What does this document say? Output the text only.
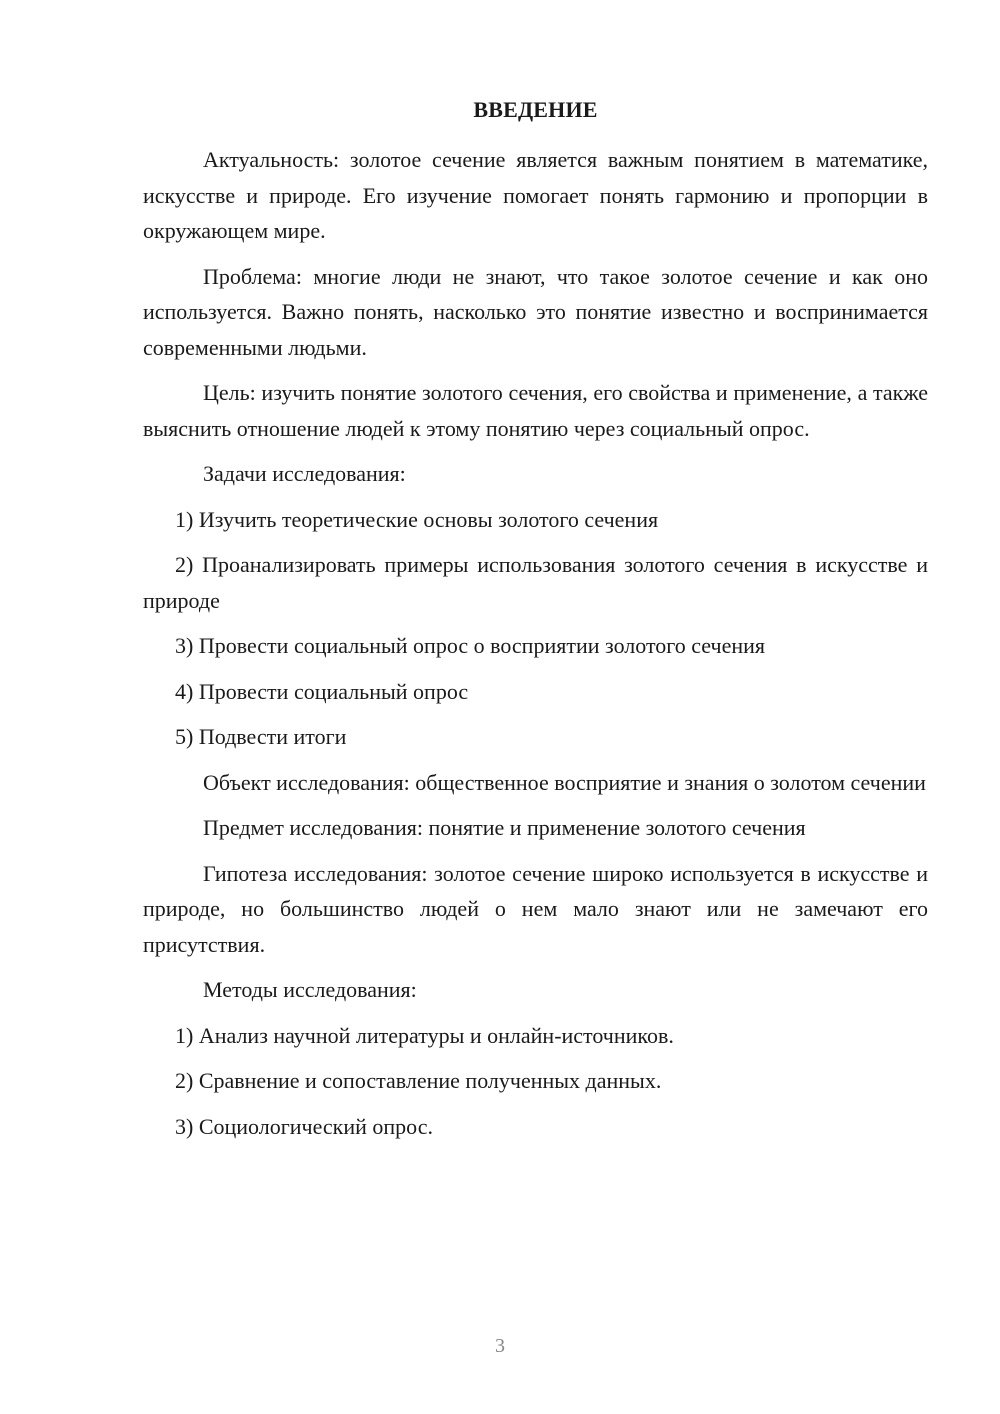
ВВЕДЕНИЕ

Актуальность: золотое сечение является важным понятием в математике, искусстве и природе. Его изучение помогает понять гармонию и пропорции в окружающем мире.

Проблема: многие люди не знают, что такое золотое сечение и как оно используется. Важно понять, насколько это понятие известно и воспринимается современными людьми.

Цель: изучить понятие золотого сечения, его свойства и применение, а также выяснить отношение людей к этому понятию через социальный опрос.

Задачи исследования:

1) Изучить теоретические основы золотого сечения

2) Проанализировать примеры использования золотого сечения в искусстве и природе

3) Провести социальный опрос о восприятии золотого сечения

4) Провести социальный опрос

5) Подвести итоги

Объект исследования: общественное восприятие и знания о золотом сечении

Предмет исследования: понятие и применение золотого сечения

Гипотеза исследования: золотое сечение широко используется в искусстве и природе, но большинство людей о нем мало знают или не замечают его присутствия.

Методы исследования:

1) Анализ научной литературы и онлайн-источников.

2) Сравнение и сопоставление полученных данных.

3) Социологический опрос.

3
